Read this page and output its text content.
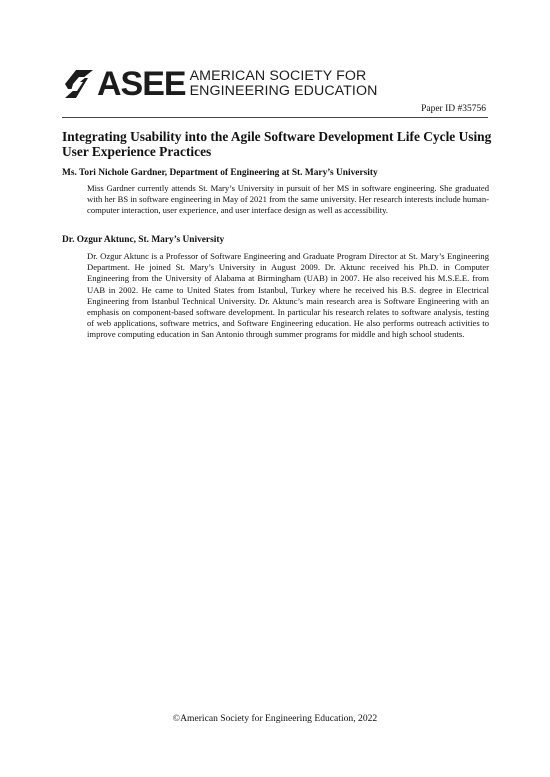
ASEE AMERICAN SOCIETY FOR
ENGINEERING EDUCATION
Paper ID #35756
Integrating Usability into the Agile Software Development Life Cycle Using User Experience Practices
Ms. Tori Nichole Gardner, Department of Engineering at St. Mary’s University

Miss Gardner currently attends St. Mary’s University in pursuit of her MS in software engineering. She graduated with her BS in software engineering in May of 2021 from the same university. Her research interests include human-computer interaction, user experience, and user interface design as well as accessibility.

Dr. Ozgur Aktunc, St. Mary’s University

Dr. Ozgur Aktunc is a Professor of Software Engineering and Graduate Program Director at St. Mary’s Engineering Department. He joined St. Mary’s University in August 2009. Dr. Aktunc received his Ph.D. in Computer Engineering from the University of Alabama at Birmingham (UAB) in 2007. He also received his M.S.E.E. from UAB in 2002. He came to United States from Istanbul, Turkey where he received his B.S. degree in Electrical Engineering from Istanbul Technical University. Dr. Aktunc’s main research area is Software Engineering with an emphasis on component-based software development. In particular his research relates to software analysis, testing of web applications, software metrics, and Software Engineering education. He also performs outreach activities to improve computing education in San Antonio through summer programs for middle and high school students.

©American Society for Engineering Education, 2022
